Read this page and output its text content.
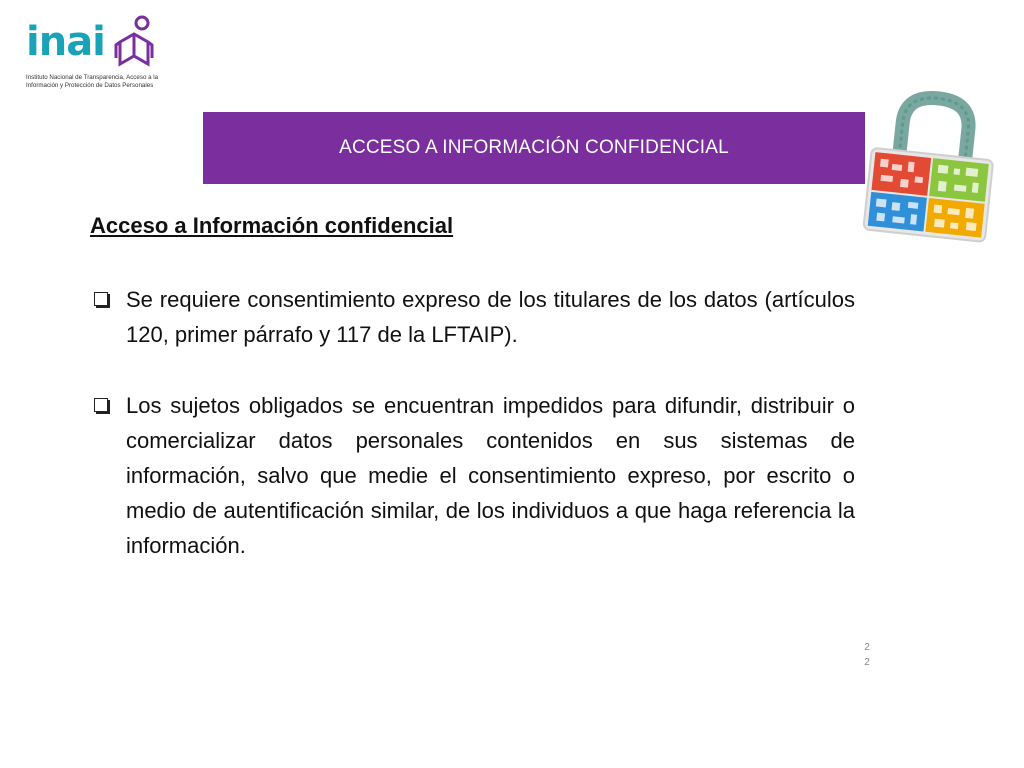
inai
Instituto Nacional de Transparencia, Acceso a la Información y Protección de Datos Personales
ACCESO A INFORMACIÓN CONFIDENCIAL
Acceso a Información confidencial
Se requiere consentimiento expreso de los titulares de los datos (artículos 120, primer párrafo y 117 de la LFTAIP).
Los sujetos obligados se encuentran impedidos para difundir, distribuir o comercializar datos personales contenidos en sus sistemas de información, salvo que medie el consentimiento expreso, por escrito o medio de autentificación similar, de los individuos a que haga referencia la información.
2
2
